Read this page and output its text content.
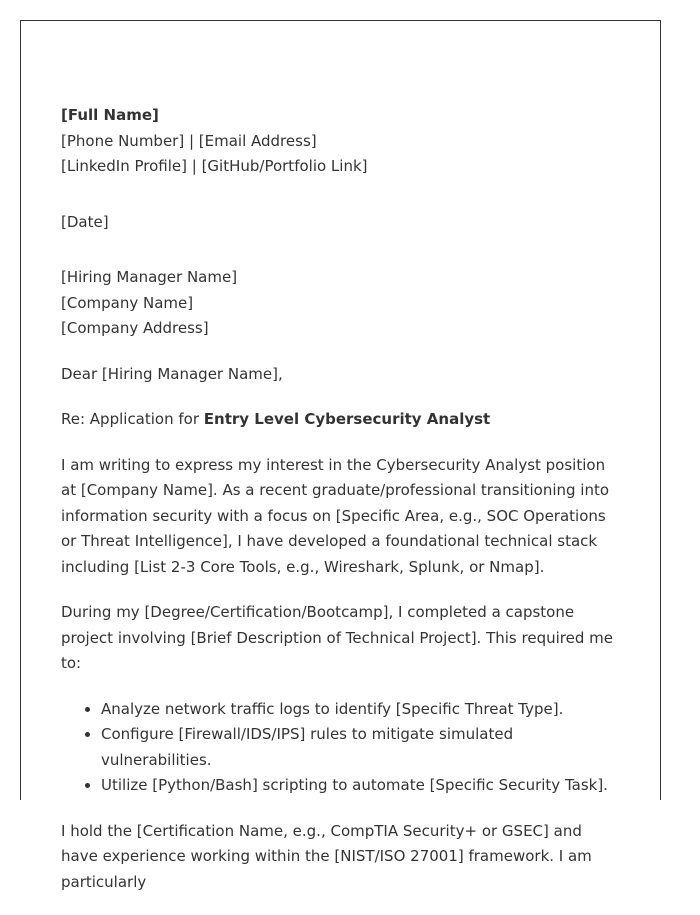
[Full Name]
[Phone Number] | [Email Address]
[LinkedIn Profile] | [GitHub/Portfolio Link]
[Date]
[Hiring Manager Name]
[Company Name]
[Company Address]

Dear [Hiring Manager Name],

Re: Application for Entry Level Cybersecurity Analyst

I am writing to express my interest in the Cybersecurity Analyst position at [Company Name]. As a recent graduate/professional transitioning into information security with a focus on [Specific Area, e.g., SOC Operations or Threat Intelligence], I have developed a foundational technical stack including [List 2-3 Core Tools, e.g., Wireshark, Splunk, or Nmap].

During my [Degree/Certification/Bootcamp], I completed a capstone project involving [Brief Description of Technical Project]. This required me to:

• Analyze network traffic logs to identify [Specific Threat Type].
• Configure [Firewall/IDS/IPS] rules to mitigate simulated vulnerabilities.
• Utilize [Python/Bash] scripting to automate [Specific Security Task].

I hold the [Certification Name, e.g., CompTIA Security+ or GSEC] and have experience working within the [NIST/ISO 27001] framework. I am particularly
